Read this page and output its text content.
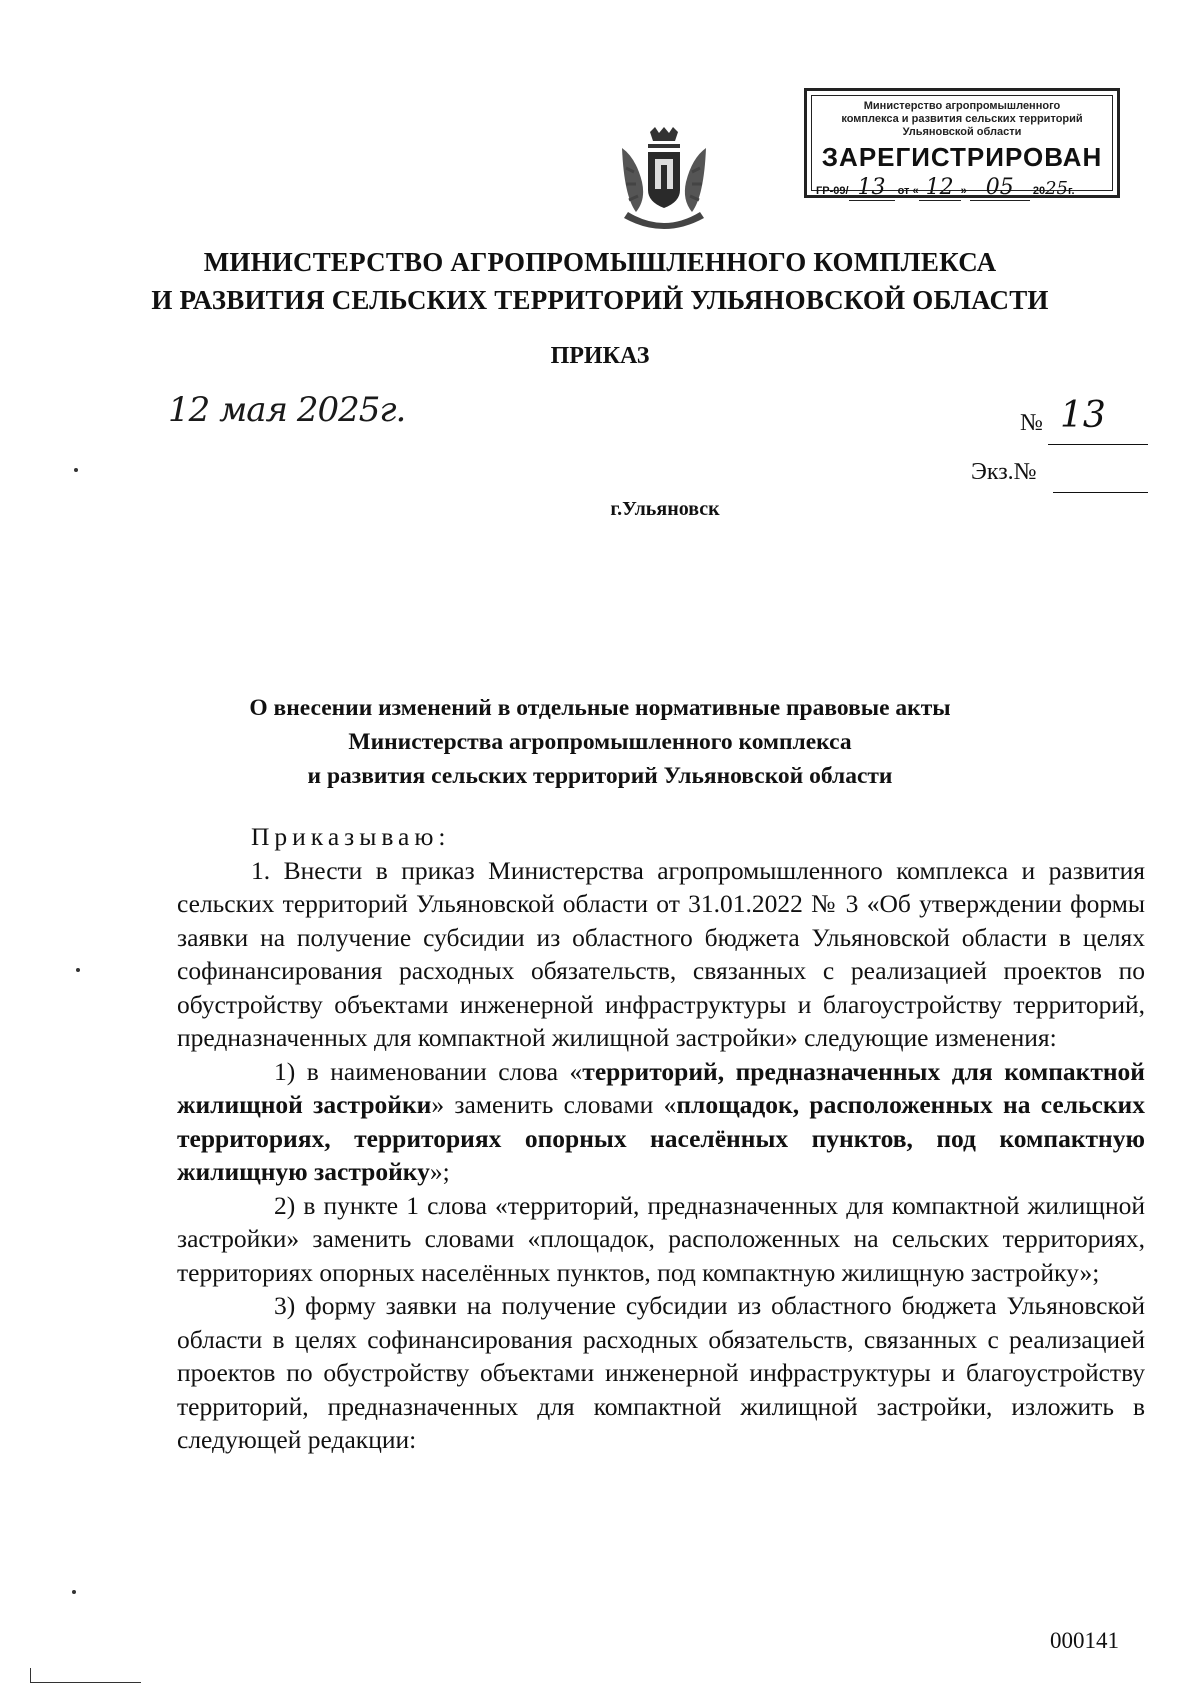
Министерство агропромышленного
комплекса и развития сельских территорий
Ульяновской области
ЗАРЕГИСТРИРОВАН
ГР-09/ 13 от « 12 » 05 2025г.
МИНИСТЕРСТВО АГРОПРОМЫШЛЕННОГО КОМПЛЕКСА
И РАЗВИТИЯ СЕЛЬСКИХ ТЕРРИТОРИЙ УЛЬЯНОВСКОЙ ОБЛАСТИ
ПРИКАЗ
12 мая 2025г.	№ 13
Экз.№
г.Ульяновск
О внесении изменений в отдельные нормативные правовые акты
Министерства агропромышленного комплекса
и развития сельских территорий Ульяновской области

Приказываю:

1. Внести в приказ Министерства агропромышленного комплекса и развития сельских территорий Ульяновской области от 31.01.2022 № 3 «Об утверждении формы заявки на получение субсидии из областного бюджета Ульяновской области в целях софинансирования расходных обязательств, связанных с реализацией проектов по обустройству объектами инженерной инфраструктуры и благоустройству территорий, предназначенных для компактной жилищной застройки» следующие изменения:

1) в наименовании слова «территорий, предназначенных для компактной жилищной застройки» заменить словами «площадок, расположенных на сельских территориях, территориях опорных населённых пунктов, под компактную жилищную застройку»;

2) в пункте 1 слова «территорий, предназначенных для компактной жилищной застройки» заменить словами «площадок, расположенных на сельских территориях, территориях опорных населённых пунктов, под компактную жилищную застройку»;

3) форму заявки на получение субсидии из областного бюджета Ульяновской области в целях софинансирования расходных обязательств, связанных с реализацией проектов по обустройству объектами инженерной инфраструктуры и благоустройству территорий, предназначенных для компактной жилищной застройки, изложить в следующей редакции:

000141
